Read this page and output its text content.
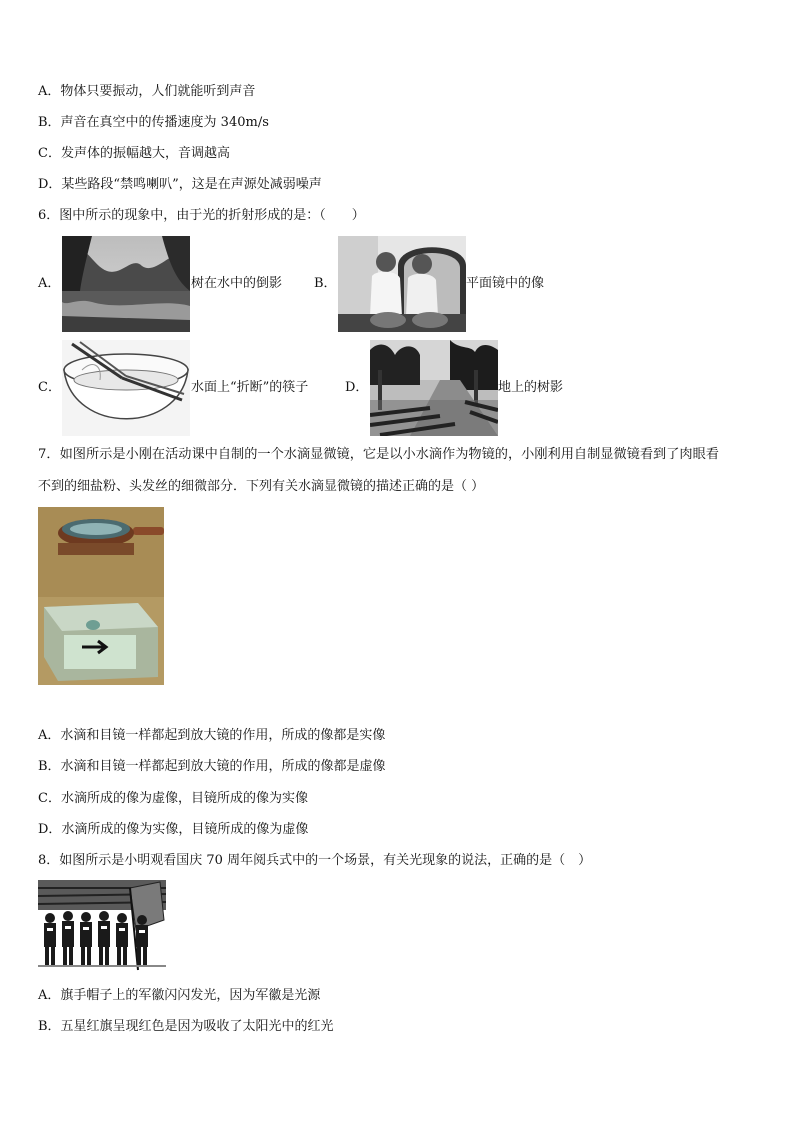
A．物体只要振动，人们就能听到声音
B．声音在真空中的传播速度为 340m/s
C．发声体的振幅越大，音调越高
D．某些路段“禁鸣喇叭”，这是在声源处减弱噪声
6．图中所示的现象中，由于光的折射形成的是：（　　）
A．	树在水中的倒影 B．	平面镜中的像
C．	水面上“折断”的筷子	D．	地上的树影
7．如图所示是小刚在活动课中自制的一个水滴显微镜，它是以小水滴作为物镜的，小刚利用自制显微镜看到了肉眼看
不到的细盐粉、头发丝的细微部分．下列有关水滴显微镜的描述正确的是（ ）
A．水滴和目镜一样都起到放大镜的作用，所成的像都是实像
B．水滴和目镜一样都起到放大镜的作用，所成的像都是虚像
C．水滴所成的像为虚像，目镜所成的像为实像
D．水滴所成的像为实像，目镜所成的像为虚像
8．如图所示是小明观看国庆 70 周年阅兵式中的一个场景，有关光现象的说法，正确的是（　）
A．旗手帽子上的军徽闪闪发光，因为军徽是光源
B．五星红旗呈现红色是因为吸收了太阳光中的红光
